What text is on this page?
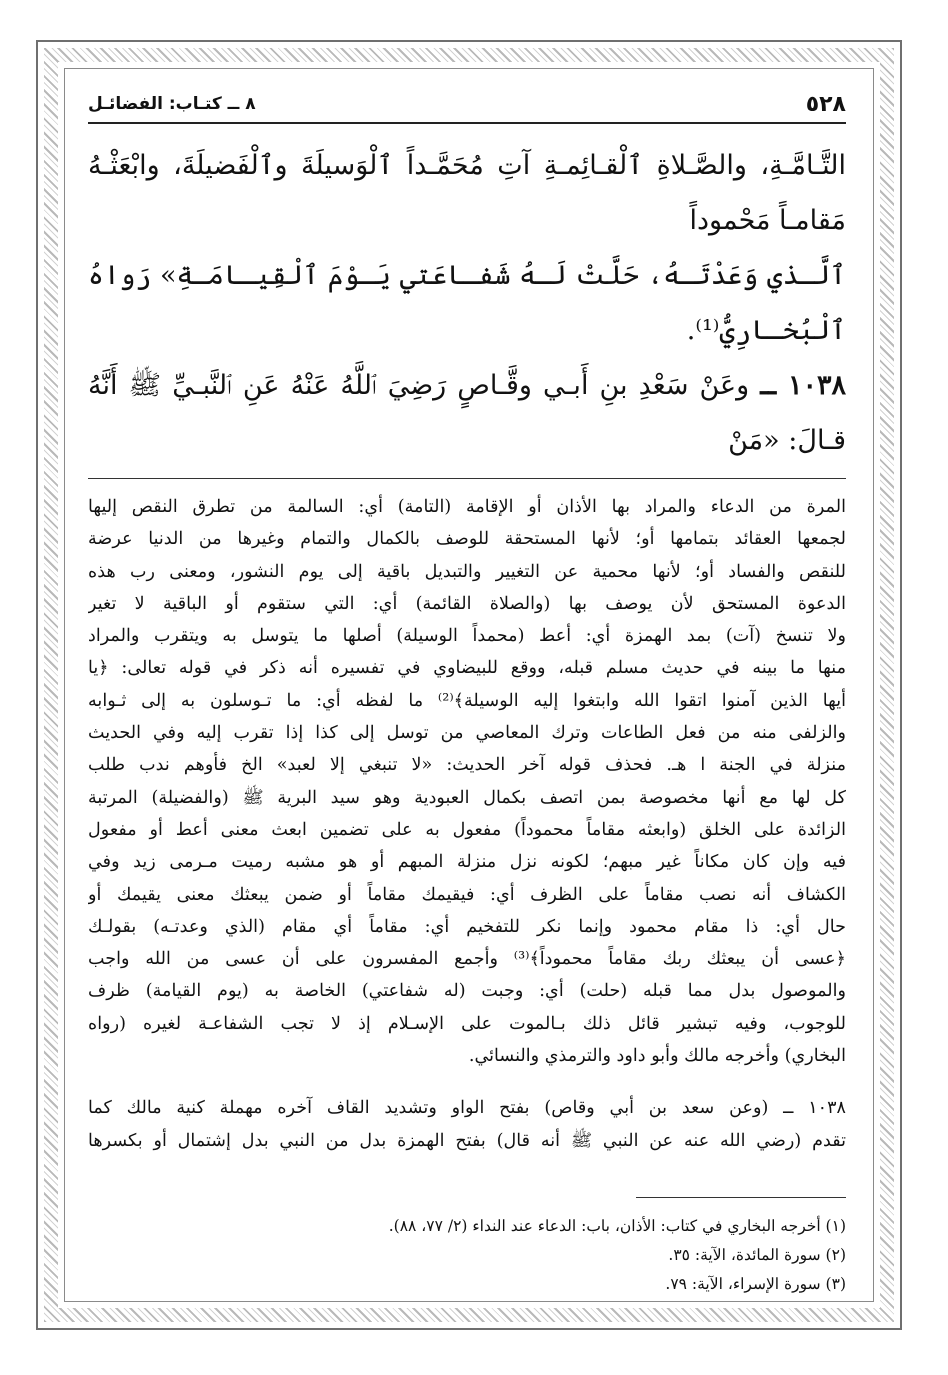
٥٢٨
٨ ــ كتـاب: الفضائـل
التَّـامَّـةِ، والصَّـلاةِ ٱلْقـائِمـةِ آتِ مُحَمَّـداً ٱلْوَسيلَةَ وٱلْفَضيلَةَ، وابْعَثْـهُ مَقامـاً مَحْموداً
ٱلَّـذي وَعَدْتَـهُ، حَلَّتْ لَـهُ شَفـاعَتي يَـوْمَ ٱلْقِيـامَـةِ» رَواهُ ٱلْبُخـارِيُّ⁽¹⁾.
١٠٣٨ ــ وعَنْ سَعْدِ بنِ أَبـي وقَّـاصٍ رَضِيَ ٱللَّهُ عَنْهُ عَنِ ٱلنَّبـيِّ ﷺ أَنَّهُ قـالَ: «مَنْ
المرة من الدعاء والمراد بها الأذان أو الإقامة (التامة) أي: السالمة من تطرق النقص إليها
لجمعها العقائد بتمامها أو؛ لأنها المستحقة للوصف بالكمال والتمام وغيرها من الدنيا عرضة
للنقص والفساد أو؛ لأنها محمية عن التغيير والتبديل باقية إلى يوم النشور، ومعنى رب هذه
الدعوة المستحق لأن يوصف بها (والصلاة القائمة) أي: التي ستقوم أو الباقية لا تغير
ولا تنسخ (آت) بمد الهمزة أي: أعط (محمداً الوسيلة) أصلها ما يتوسل به ويتقرب والمراد
منها ما بينه في حديث مسلم قبله، ووقع للبيضاوي في تفسيره أنه ذكر في قوله تعالى: ﴿يا
أيها الذين آمنوا اتقوا الله وابتغوا إليه الوسيلة﴾⁽²⁾ ما لفظه أي: ما تـوسلون به إلى ثـوابه
والزلفى منه من فعل الطاعات وترك المعاصي من توسل إلى كذا إذا تقرب إليه وفي الحديث
منزلة في الجنة ا هـ. فحذف قوله آخر الحديث: «لا تنبغي إلا لعبد» الخ فأوهم ندب طلب
كل لها مع أنها مخصوصة بمن اتصف بكمال العبودية وهو سيد البرية ﷺ (والفضيلة) المرتبة
الزائدة على الخلق (وابعثه مقاماً محموداً) مفعول به على تضمين ابعث معنى أعط أو مفعول
فيه وإن كان مكاناً غير مبهم؛ لكونه نزل منزلة المبهم أو هو مشبه رميت مـرمى زيد وفي
الكشاف أنه نصب مقاماً على الظرف أي: فيقيمك مقاماً أو ضمن يبعثك معنى يقيمك أو
حال أي: ذا مقام محمود وإنما نكر للتفخيم أي: مقاماً أي مقام (الذي وعدتـه) بقولـك
﴿عسى أن يبعثك ربك مقاماً محموداً﴾⁽³⁾ وأجمع المفسرون على أن عسى من الله واجب
والموصول بدل مما قبله (حلت) أي: وجبت (له شفاعتي) الخاصة به (يوم القيامة) ظرف
للوجوب، وفيه تبشير قائل ذلك بـالموت على الإسـلام إذ لا تجب الشفاعـة لغيره (رواه
البخاري) وأخرجه مالك وأبو داود والترمذي والنسائي.
١٠٣٨ ــ (وعن سعد بن أبي وقاص) بفتح الواو وتشديد القاف آخره مهملة كنية مالك كما
تقدم (رضي الله عنه عن النبي ﷺ أنه قال) بفتح الهمزة بدل من النبي بدل إشتمال أو بكسرها
(١) أخرجه البخاري في كتاب: الأذان، باب: الدعاء عند النداء (٢/ ٧٧، ٨٨).
(٢) سورة المائدة، الآية: ٣٥.
(٣) سورة الإسراء، الآية: ٧٩.
